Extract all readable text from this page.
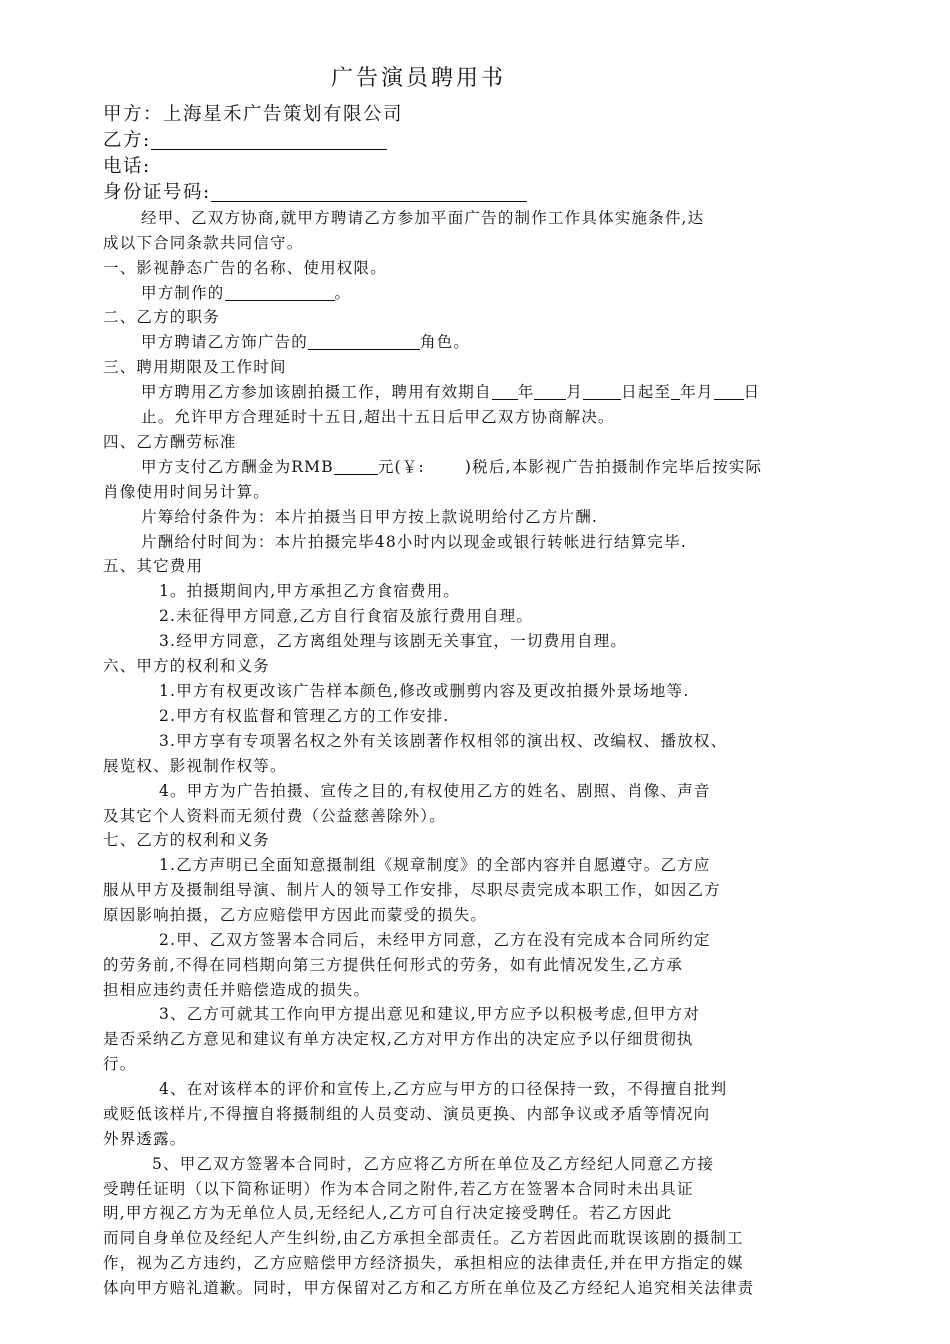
广告演员聘用书
甲方：上海星禾广告策划有限公司
乙方:
电话:
身份证号码:
经甲、乙双方协商,就甲方聘请乙方参加平面广告的制作工作具体实施条件,达
成以下合同条款共同信守。
一、影视静态广告的名称、使用权限。
甲方制作的	。
二、乙方的职务
甲方聘请乙方饰广告的	角色。
三、聘用期限及工作时间
甲方聘用乙方参加该剧拍摄工作，聘用有效期自 年 月 日起至 年月 日
止。允许甲方合理延时十五日,超出十五日后甲乙双方协商解决。
四、乙方酬劳标准
甲方支付乙方酬金为RMB	元(￥:	)税后,本影视广告拍摄制作完毕后按实际
肖像使用时间另计算。
片筹给付条件为：本片拍摄当日甲方按上款说明给付乙方片酬.
片酬给付时间为：本片拍摄完毕48小时内以现金或银行转帐进行结算完毕.
五、其它费用
1。拍摄期间内,甲方承担乙方食宿费用。
2.未征得甲方同意,乙方自行食宿及旅行费用自理。
3.经甲方同意，乙方离组处理与该剧无关事宜，一切费用自理。
六、甲方的权利和义务
1.甲方有权更改该广告样本颜色,修改或删剪内容及更改拍摄外景场地等.
2.甲方有权监督和管理乙方的工作安排.
3.甲方享有专项署名权之外有关该剧著作权相邻的演出权、改编权、播放权、
展览权、影视制作权等。
4。甲方为广告拍摄、宣传之目的,有权使用乙方的姓名、剧照、肖像、声音
及其它个人资料而无须付费（公益慈善除外）。
七、乙方的权利和义务
1.乙方声明已全面知意摄制组《规章制度》的全部内容并自愿遵守。乙方应
服从甲方及摄制组导演、制片人的领导工作安排，尽职尽责完成本职工作，如因乙方
原因影响拍摄，乙方应赔偿甲方因此而蒙受的损失。
2.甲、乙双方签署本合同后，未经甲方同意，乙方在没有完成本合同所约定
的劳务前,不得在同档期向第三方提供任何形式的劳务，如有此情况发生,乙方承
担相应违约责任并赔偿造成的损失。
3、乙方可就其工作向甲方提出意见和建议,甲方应予以积极考虑,但甲方对
是否采纳乙方意见和建议有单方决定权,乙方对甲方作出的决定应予以仔细贯彻执
行。
4、在对该样本的评价和宣传上,乙方应与甲方的口径保持一致，不得擅自批判
或贬低该样片,不得擅自将摄制组的人员变动、演员更换、内部争议或矛盾等情况向
外界透露。
5、甲乙双方签署本合同时，乙方应将乙方所在单位及乙方经纪人同意乙方接
受聘任证明（以下简称证明）作为本合同之附件,若乙方在签署本合同时未出具证
明,甲方视乙方为无单位人员,无经纪人,乙方可自行决定接受聘任。若乙方因此
而同自身单位及经纪人产生纠纷,由乙方承担全部责任。乙方若因此而耽误该剧的摄制工
作，视为乙方违约，乙方应赔偿甲方经济损失，承担相应的法律责任,并在甲方指定的媒
体向甲方赔礼道歉。同时，甲方保留对乙方和乙方所在单位及乙方经纪人追究相关法律责
